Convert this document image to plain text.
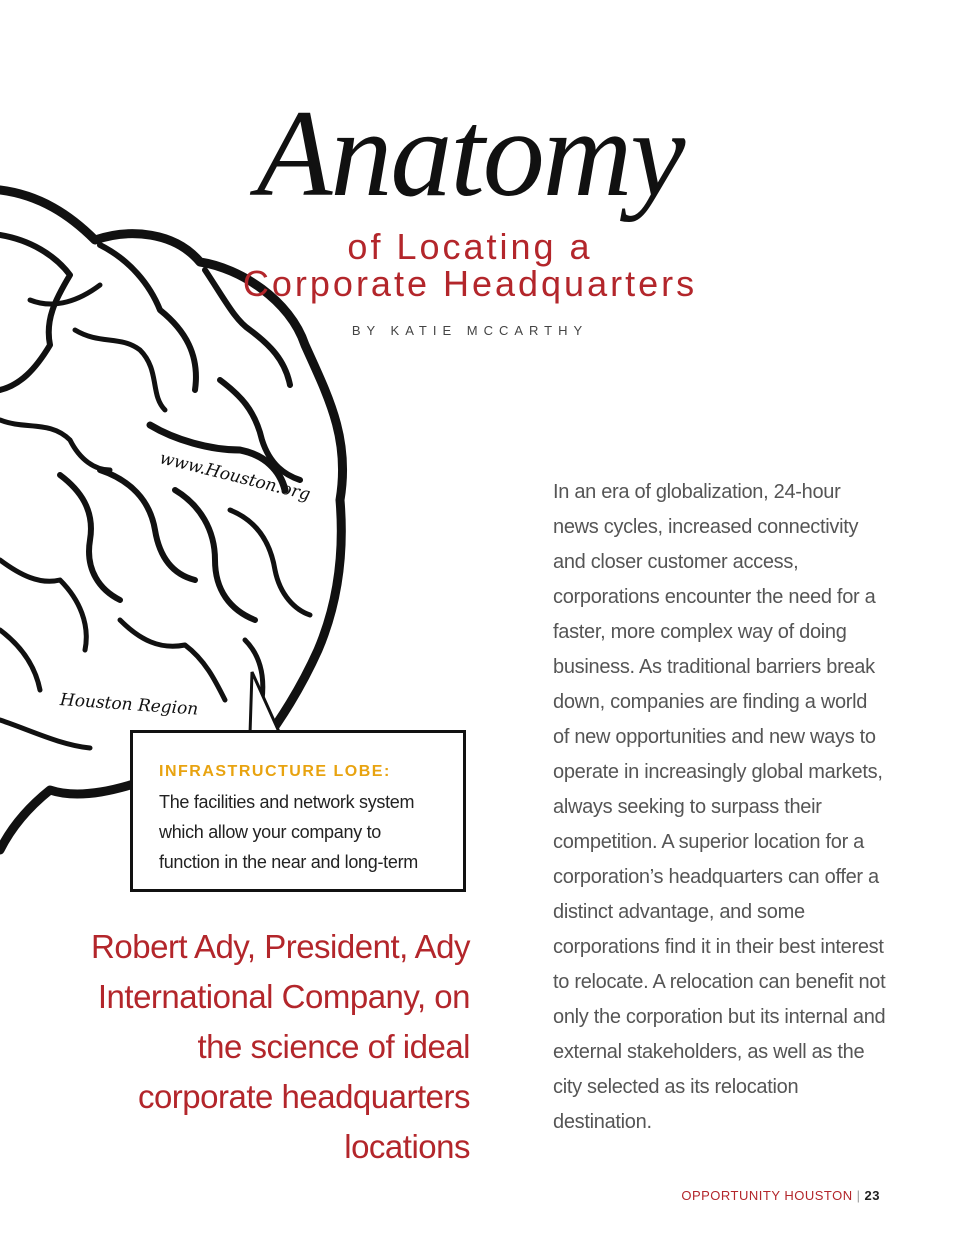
Anatomy
of Locating a
Corporate Headquarters
BY KATIE MCCARTHY
www.Houston.org
Houston Region
INFRASTRUCTURE LOBE:
The facilities and network system which allow your company to function in the near and long-term
Robert Ady, President, Ady International Company, on the science of ideal corporate headquarters locations
In an era of globalization, 24-hour news cycles, increased connectivity and closer customer access, corporations encounter the need for a faster, more complex way of doing business. As traditional barriers break down, companies are finding a world of new opportunities and new ways to operate in increasingly global markets, always seeking to surpass their competition. A superior location for a corporation’s headquarters can offer a distinct advantage, and some corporations find it in their best interest to relocate. A relocation can benefit not only the corporation but its internal and external stakeholders, as well as the city selected as its relocation destination.
OPPORTUNITY HOUSTON | 23
